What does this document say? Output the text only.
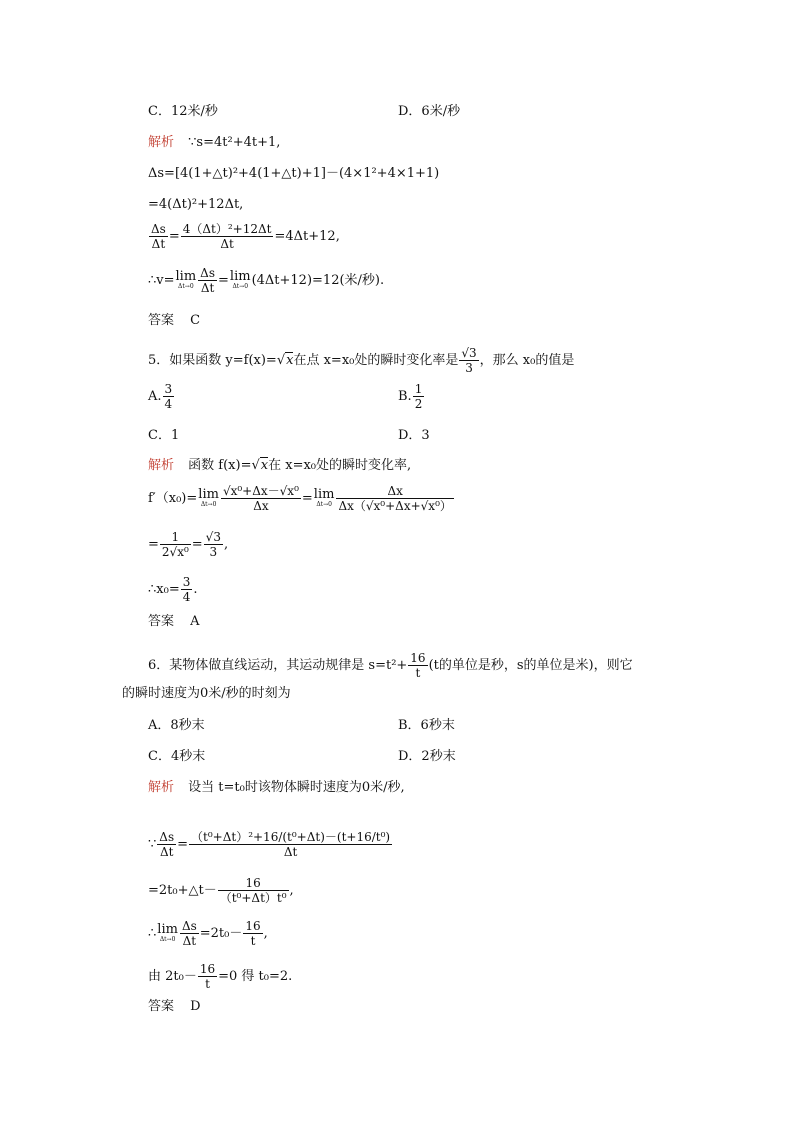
C．12米/秒	D．6米/秒
解析 ∵s=4t²+4t+1,
Δs=[4(1+△t)²+4(1+△t)+1]－(4×1²+4×1+1)
=4(Δt)²+12Δt,
$\frac{\Delta s}{\Delta t} = \frac{\text{4（Δt）²+12Δt}}{\Delta t} =4\Delta t+12$,
∴v= lim
$\Delta t\to 0 \frac{\Delta s}{\Delta t} = \lim$
Δt→0 (4Δt+12)=12(米/秒).
答案 C
5．如果函数 y=f(x)=√x在点 x=x₀处的瞬时变化率是 $\frac{√3}{3}$ ，那么 x₀的值是
A. $\frac{3}{4}$	B. $\frac{1}{2}$
C．1	D．3
解析 函数 f(x)=√x在 x=x₀处的瞬时变化率,
f′（x₀)= lim
$\Delta t\to 0 \frac{\text{√x⁰+Δx－√x⁰}}{\Delta x} = \lim$
$\Delta t\to 0 \frac{\Delta x}{\text{Δx（√x⁰+Δx+√x⁰）}}$
= $\frac{1}{\text{2√x⁰}} = \frac{√3}{3}$ ,
∴x₀= $\frac{3}{4}$ .
答案 A
6．某物体做直线运动，其运动规律是 $s=t^2+ \frac{16}{t} (t$的单位是秒，s的单位是米)，则它
的瞬时速度为0米/秒的时刻为
A．8秒末	B．6秒末
C．4秒末	D．2秒末
解析 设当 t=t₀时该物体瞬时速度为0米/秒,
∵ $\frac{\Delta s}{\Delta t} = \frac{\text{（t⁰+Δt）²+16/(t⁰+Δt)－(t+16/t⁰)}}{\Delta t}$
=2t₀+△t－ $\frac{16}{\text{（t⁰+Δt）t⁰}}$ ,
∴ lim
$\Delta t\to 0 \frac{\Delta s}{\Delta t} =2t_0- \frac{16}{t}$ ,
由 $2t_0- \frac{16}{t} =0$ 得 t₀=2.
答案 D
